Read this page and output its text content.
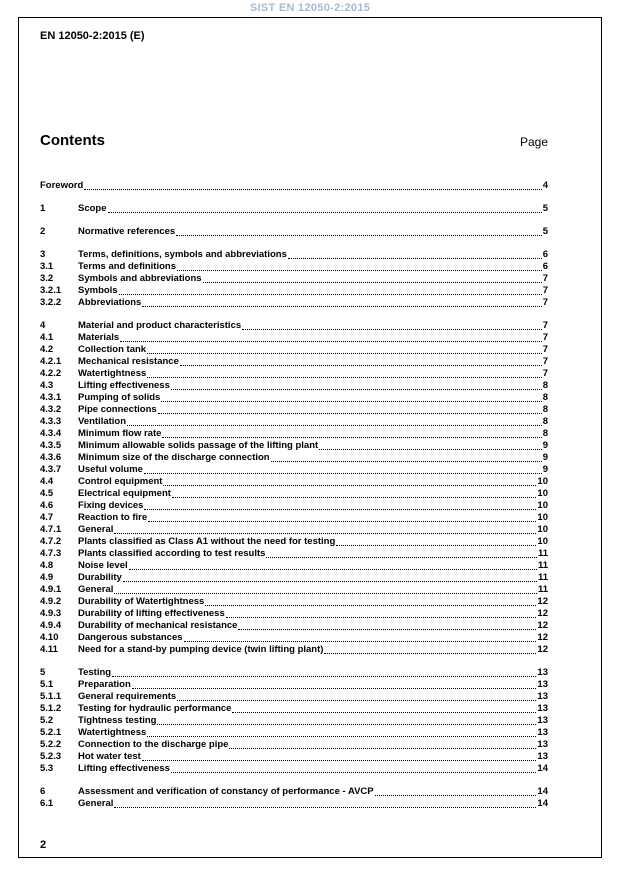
SIST EN 12050-2:2015
EN 12050-2:2015 (E)
Contents	Page
Foreword	4
1	Scope	5
2	Normative references	5
3	Terms, definitions, symbols and abbreviations	6
3.1	Terms and definitions	6
3.2	Symbols and abbreviations	7
3.2.1	Symbols	7
3.2.2	Abbreviations	7
4	Material and product characteristics	7
4.1	Materials	7
4.2	Collection tank	7
4.2.1	Mechanical resistance	7
4.2.2	Watertightness	7
4.3	Lifting effectiveness	8
4.3.1	Pumping of solids	8
4.3.2	Pipe connections	8
4.3.3	Ventilation	8
4.3.4	Minimum flow rate	8
4.3.5	Minimum allowable solids passage of the lifting plant	9
4.3.6	Minimum size of the discharge connection	9
4.3.7	Useful volume	9
4.4	Control equipment	10
4.5	Electrical equipment	10
4.6	Fixing devices	10
4.7	Reaction to fire	10
4.7.1	General	10
4.7.2	Plants classified as Class A1 without the need for testing	10
4.7.3	Plants classified according to test results	11
4.8	Noise level	11
4.9	Durability	11
4.9.1	General	11
4.9.2	Durability of Watertightness	12
4.9.3	Durability of lifting effectiveness	12
4.9.4	Durability of mechanical resistance	12
4.10	Dangerous substances	12
4.11	Need for a stand-by pumping device (twin lifting plant)	12
5	Testing	13
5.1	Preparation	13
5.1.1	General requirements	13
5.1.2	Testing for hydraulic performance	13
5.2	Tightness testing	13
5.2.1	Watertightness	13
5.2.2	Connection to the discharge pipe	13
5.2.3	Hot water test	13
5.3	Lifting effectiveness	14
6	Assessment and verification of constancy of performance - AVCP	14
6.1	General	14
2
